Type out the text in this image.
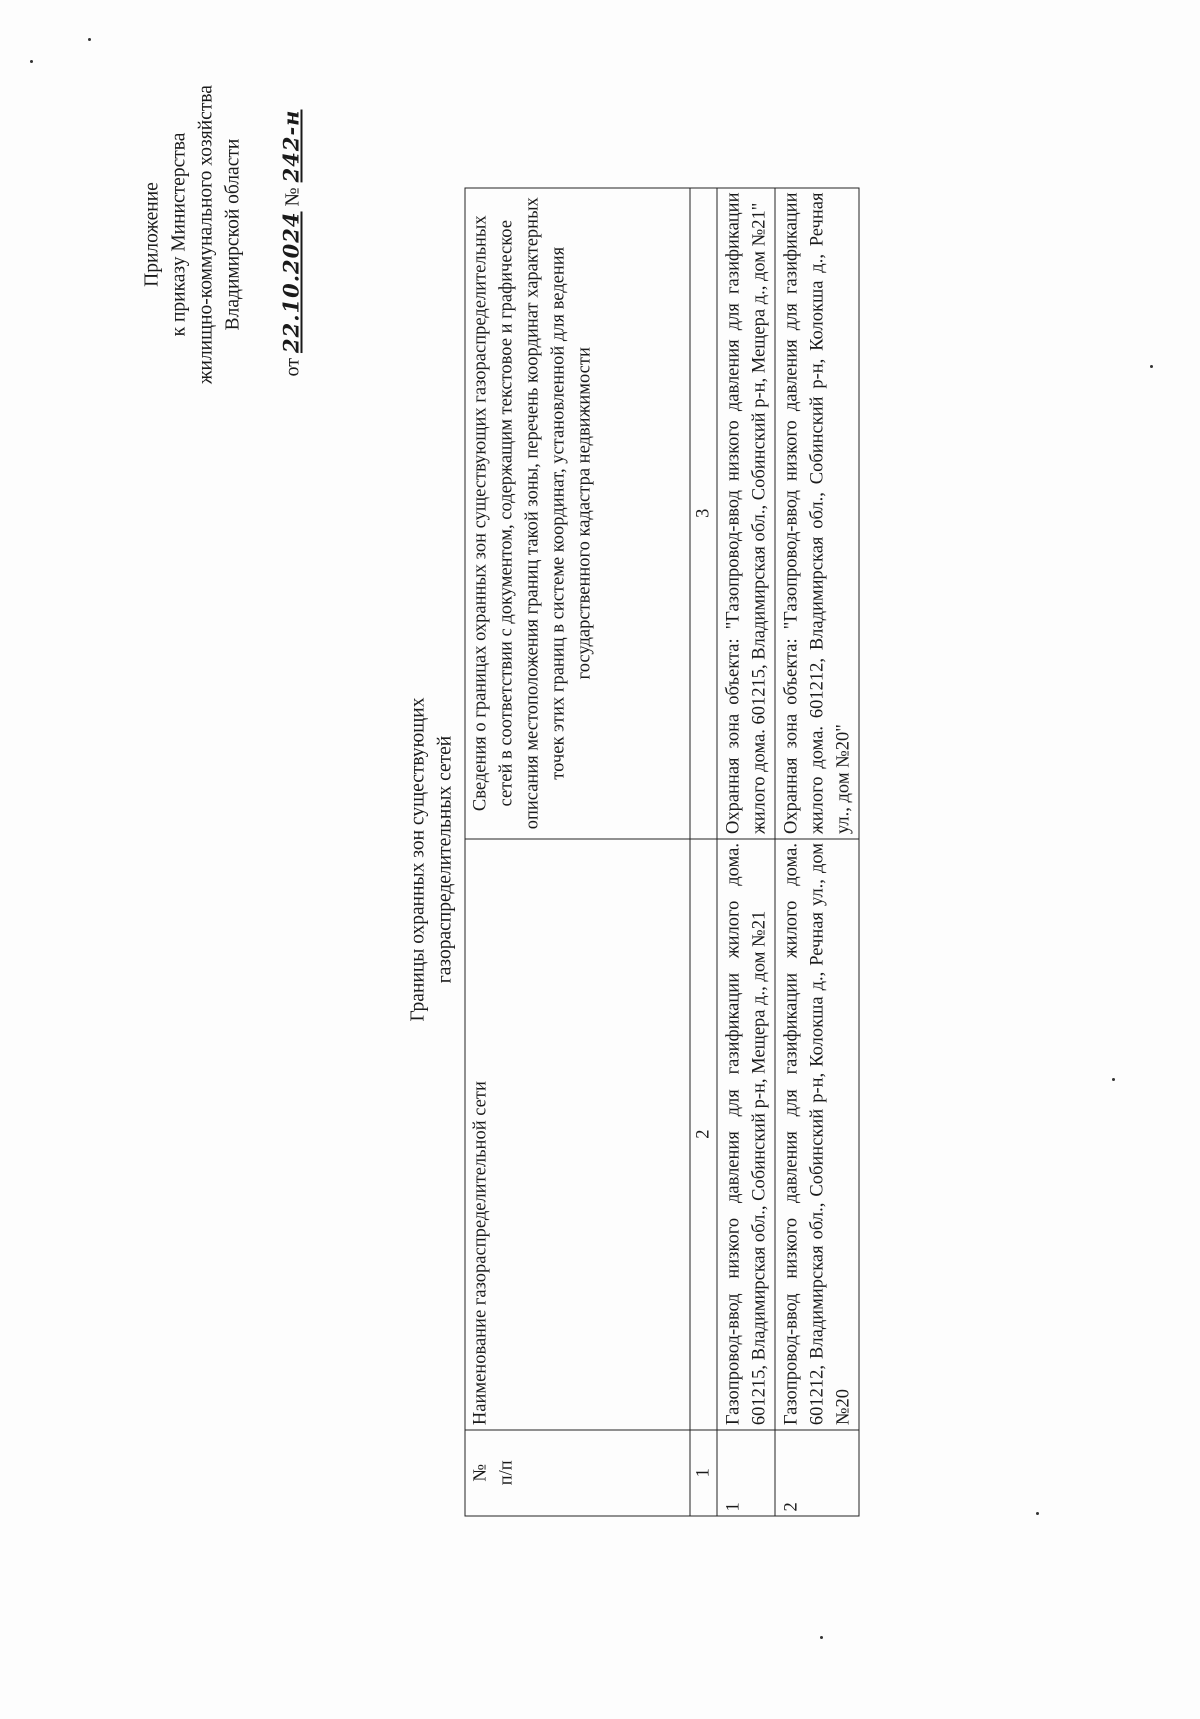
Приложение к приказу Министерства жилищно-коммунального хозяйства Владимирской области
от 22.10.2024 № 242-н
Границы охранных зон существующих газораспределительных сетей
№ п/п	Наименование газораспределительной сети	Сведения о границах охранных зон существующих газораспределительных сетей в соответствии с документом, содержащим текстовое и графическое описания местоположения границ такой зоны, перечень координат характерных точек этих границ в системе координат, установленной для ведения государственного кадастра недвижимости
1	2	3
1	Газопровод-ввод низкого давления для газификации жилого дома. 601215, Владимирская обл., Собинский р-н, Мещера д., дом №21	Охранная зона объекта: "Газопровод-ввод низкого давления для газификации жилого дома. 601215, Владимирская обл., Собинский р-н, Мещера д., дом №21"
2	Газопровод-ввод низкого давления для газификации жилого дома. 601212, Владимирская обл., Собинский р-н, Колокша д., Речная ул., дом №20	Охранная зона объекта: "Газопровод-ввод низкого давления для газификации жилого дома. 601212, Владимирская обл., Собинский р-н, Колокша д., Речная ул., дом №20"
